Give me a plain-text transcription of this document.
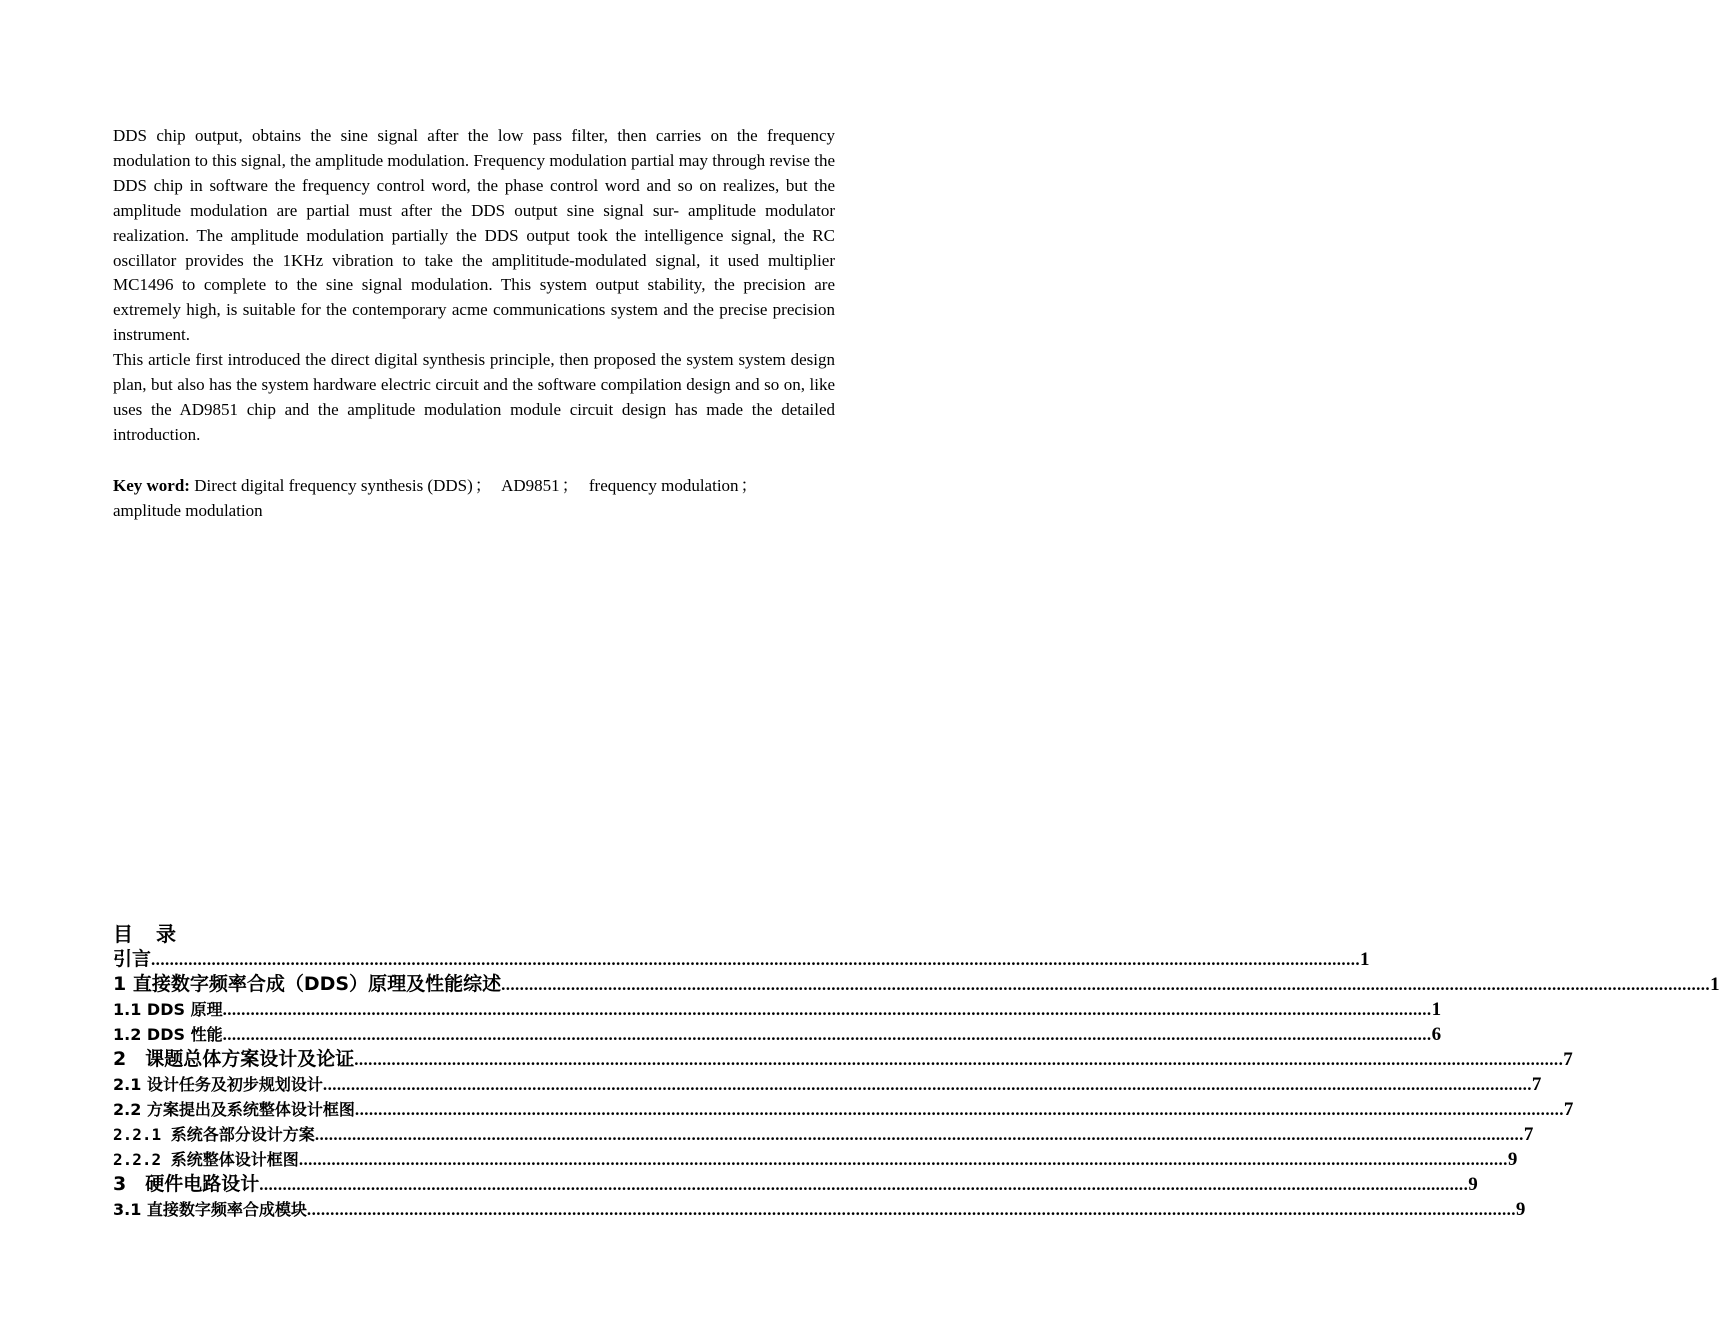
DDS chip output, obtains the sine signal after the low pass filter, then carries on the frequency modulation to this signal, the amplitude modulation. Frequency modulation partial may through revise the DDS chip in software the frequency control word, the phase control word and so on realizes, but the amplitude modulation are partial must after the DDS output sine signal sur- amplitude modulator realization. The amplitude modulation partially the DDS output took the intelligence signal, the RC oscillator provides the 1KHz vibration to take the amplititude-modulated signal, it used multiplier MC1496 to complete to the sine signal modulation. This system output stability, the precision are extremely high, is suitable for the contemporary acme communications system and the precise precision instrument.

This article first introduced the direct digital synthesis principle, then proposed the system system design plan, but also has the system hardware electric circuit and the software compilation design and so on, like uses the AD9851 chip and the amplitude modulation module circuit design has made the detailed introduction.

Key word: Direct digital frequency synthesis (DDS) ； AD9851 ； frequency modulation ； amplitude modulation
目 录
引言 .................................................................................................................................................................................................................................................................... 1
1 直接数字频率合成（DDS）原理及性能综述 .................................................................................................................................................................................................................................................................... 1
1.1 DDS 原理 .................................................................................................................................................................................................................................................................... 1
1.2 DDS 性能 .................................................................................................................................................................................................................................................................... 6
2　课题总体方案设计及论证 .................................................................................................................................................................................................................................................................... 7
2.1 设计任务及初步规划设计 .................................................................................................................................................................................................................................................................... 7
2.2 方案提出及系统整体设计框图 .................................................................................................................................................................................................................................................................... 7
2.2.1 系统各部分设计方案 .................................................................................................................................................................................................................................................................... 7
2.2.2 系统整体设计框图 .................................................................................................................................................................................................................................................................... 9
3　硬件电路设计 .................................................................................................................................................................................................................................................................... 9
3.1 直接数字频率合成模块 .................................................................................................................................................................................................................................................................... 9
